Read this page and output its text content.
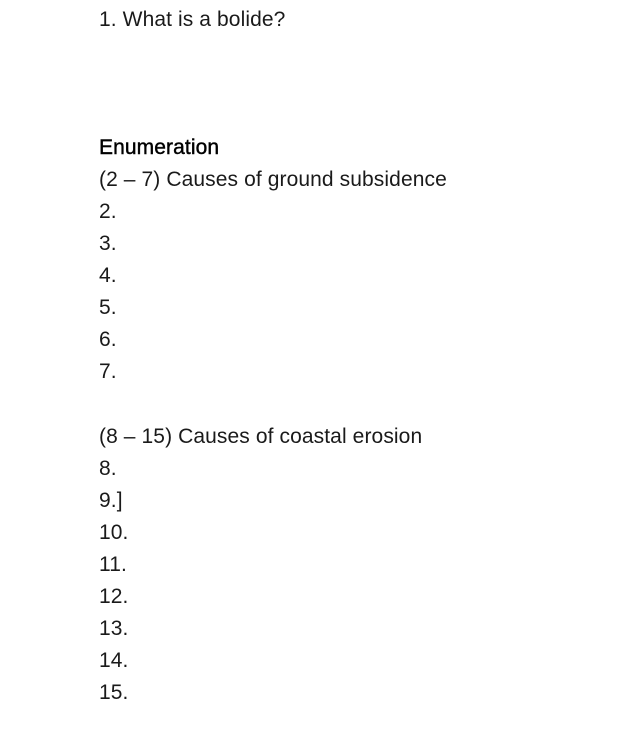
1. What is a bolide?
Enumeration
(2 – 7) Causes of ground subsidence
2.
3.
4.
5.
6.
7.
(8 – 15) Causes of coastal erosion
8.
9.]
10.
11.
12.
13.
14.
15.
